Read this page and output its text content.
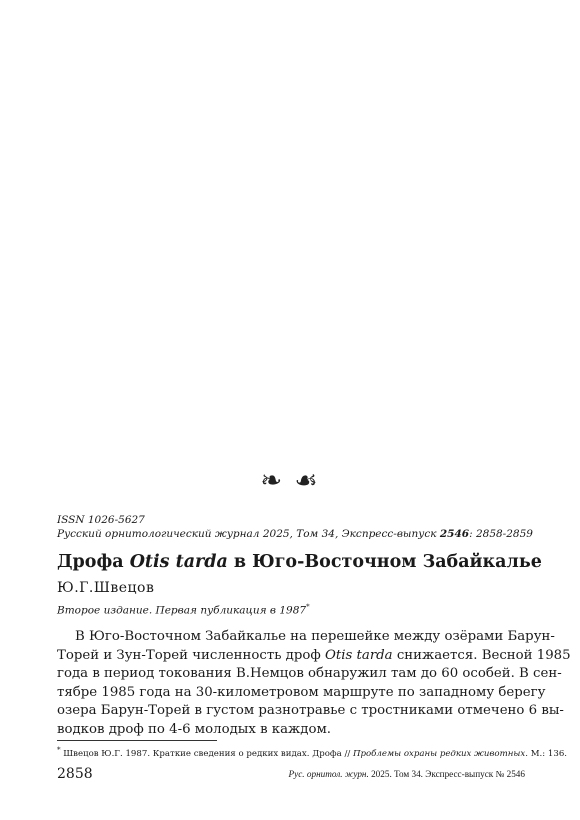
❧ ☙
ISSN 1026-5627
Русский орнитологический журнал 2025, Том 34, Экспресс-выпуск 2546: 2858-2859
Дрофа Otis tarda в Юго-Восточном Забайкалье
Ю.Г.Швецов
Второе издание. Первая публикация в 1987*
В Юго-Восточном Забайкалье на перешейке между озёрами Барун-
Торей и Зун-Торей численность дроф Otis tarda снижается. Весной 1985
года в период токования В.Немцов обнаружил там до 60 особей. В сен-
тябре 1985 года на 30-километровом маршруте по западному берегу
озера Барун-Торей в густом разнотравье с тростниками отмечено 6 вы-
водков дроф по 4-6 молодых в каждом.
* Швецов Ю.Г. 1987. Краткие сведения о редких видах. Дрофа // Проблемы охраны редких животных. М.: 136.
2858	Рус. орнитол. журн. 2025. Том 34. Экспресс-выпуск № 2546
